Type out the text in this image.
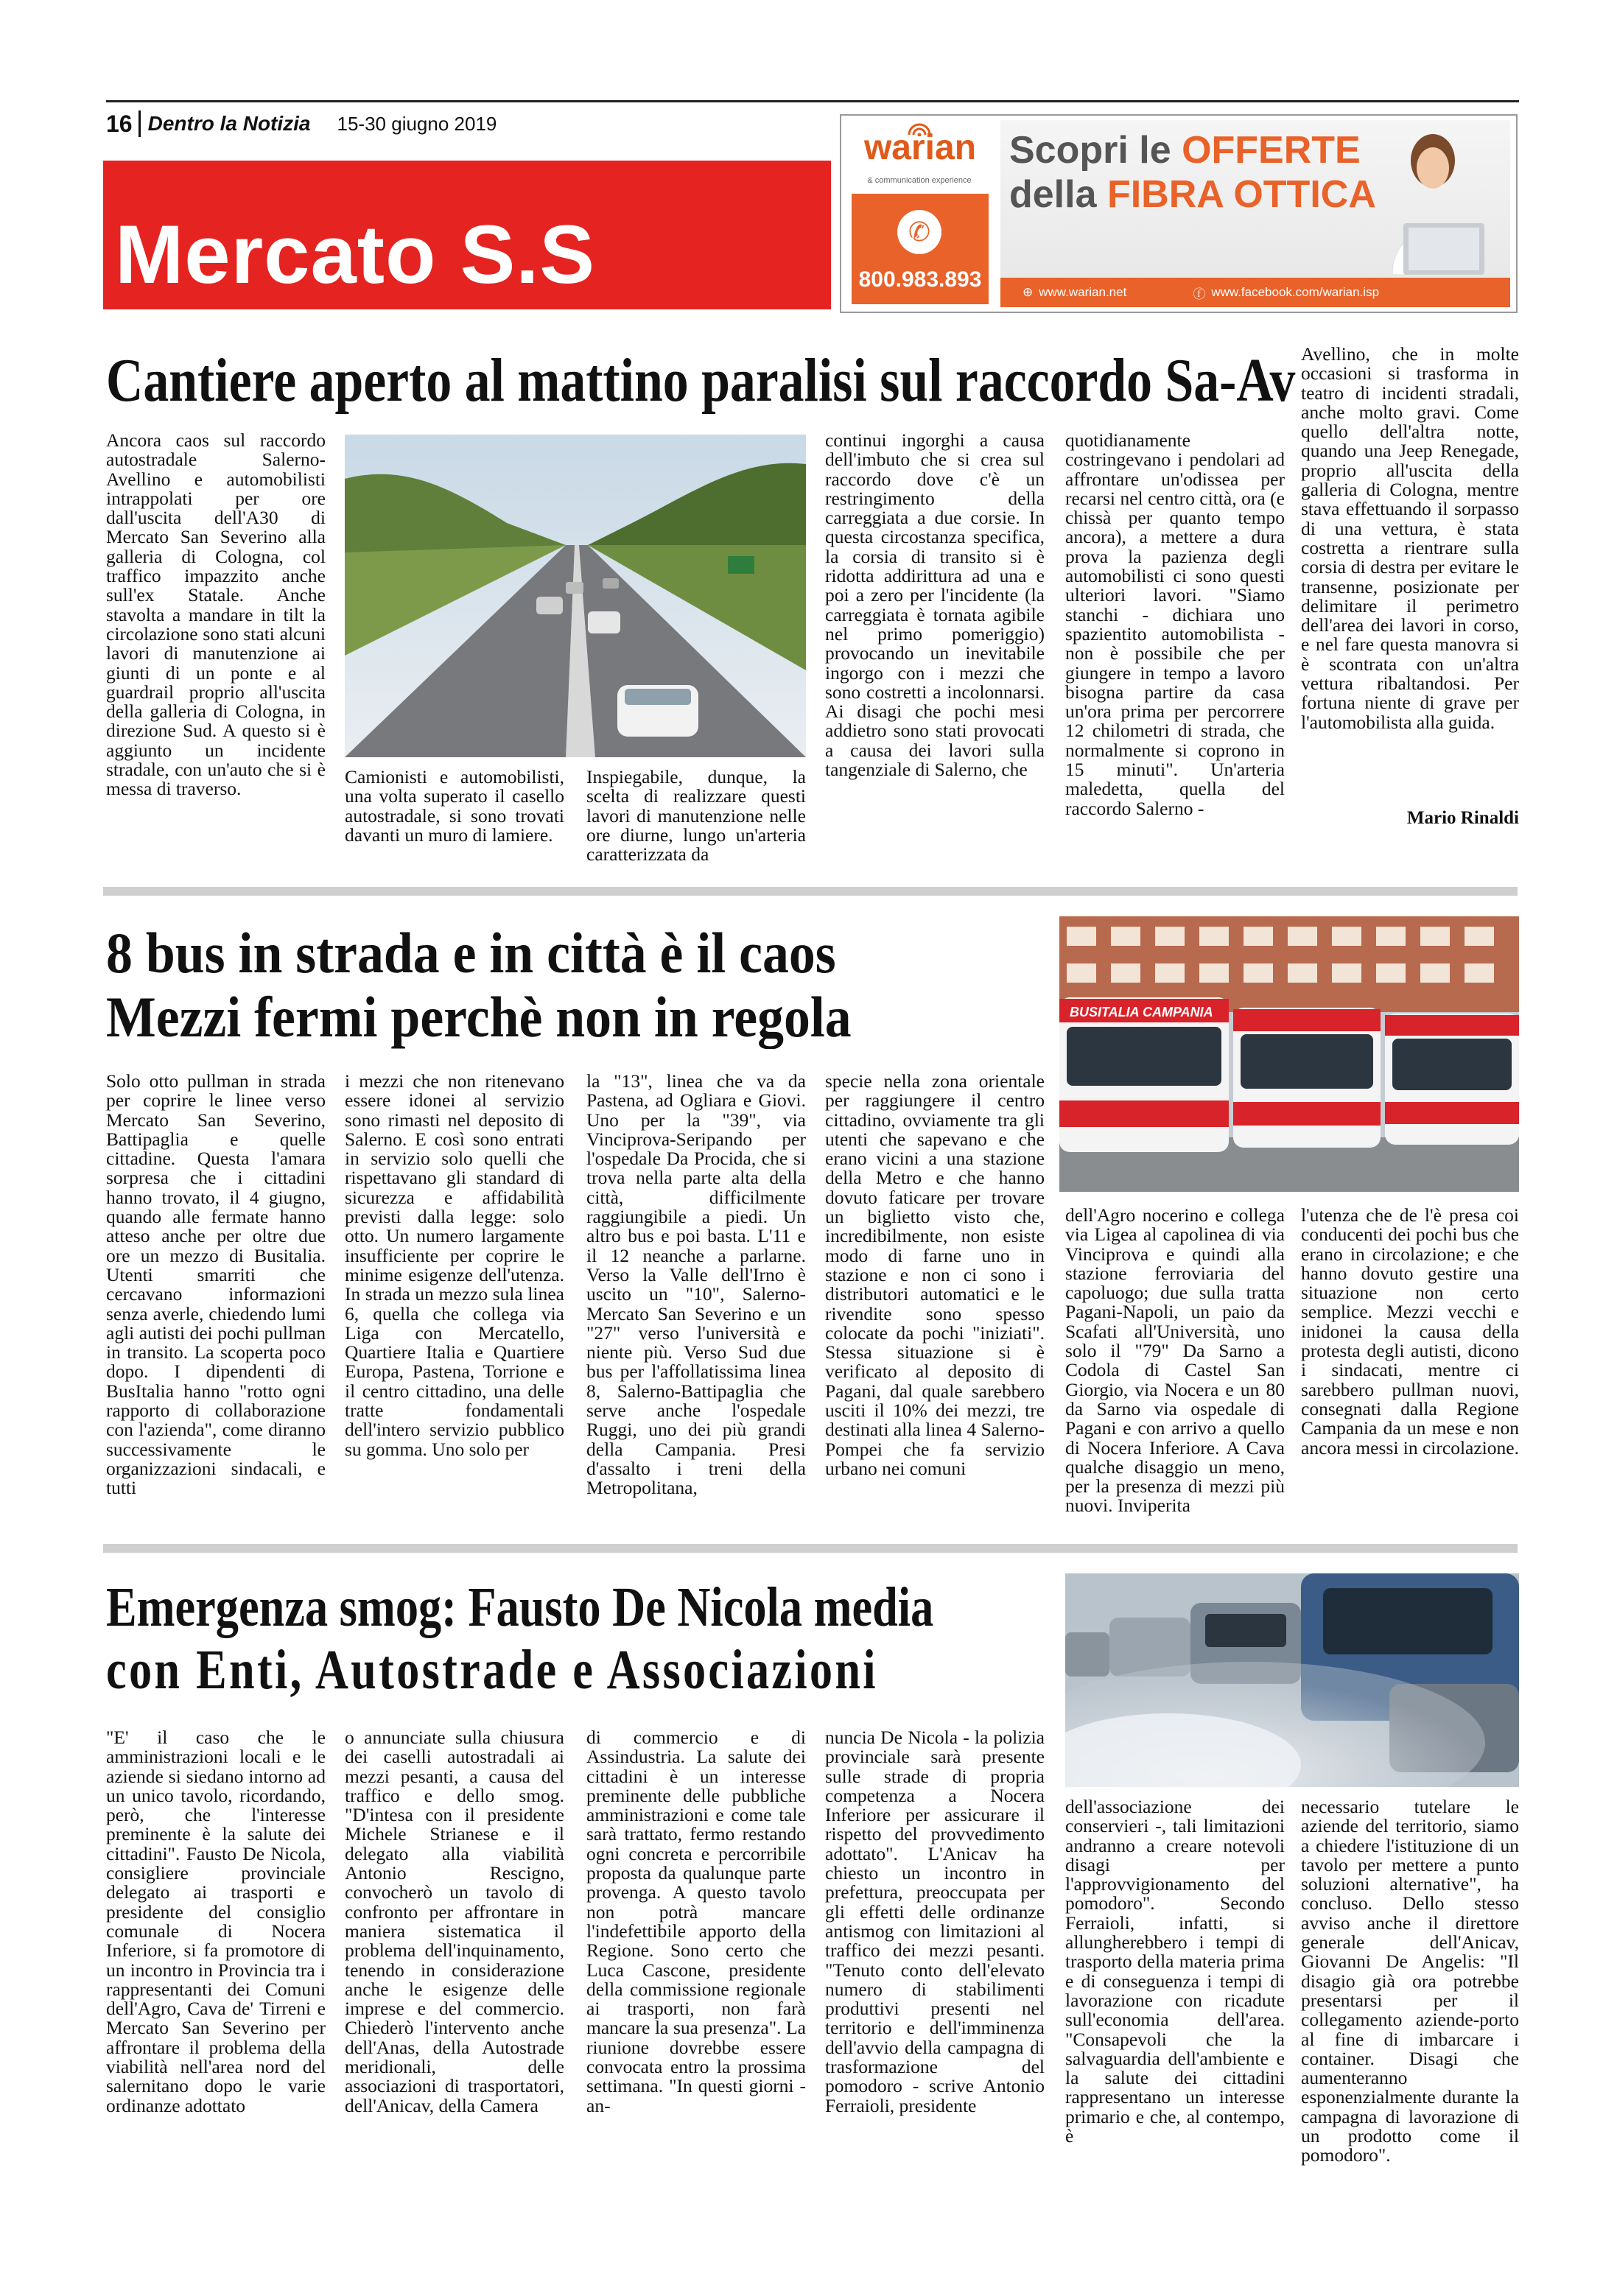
16 Dentro la Notizia 15-30 giugno 2019
Mercato S.S
warian
& communication experience
✆
800.983.893
Scopri le OFFERTE
della FIBRA OTTICA
⊕ www.warian.net	ⓕ www.facebook.com/warian.isp
Cantiere aperto al mattino paralisi sul raccordo Sa-Av
Ancora caos sul raccordo autostradale Salerno-Avellino e automobilisti intrappolati per ore dall'uscita dell'A30 di Mercato San Severino alla galleria di Cologna, col traffico impazzito anche sull'ex Statale. Anche stavolta a mandare in tilt la circolazione sono stati alcuni lavori di manutenzione ai giunti di un ponte e al guardrail proprio all'uscita della galleria di Cologna, in direzione Sud. A questo si è aggiunto un incidente stradale, con un'auto che si è messa di traverso.
Camionisti e automobilisti, una volta superato il casello autostradale, si sono trovati davanti un muro di lamiere.
Inspiegabile, dunque, la scelta di realizzare questi lavori di manutenzione nelle ore diurne, lungo un'arteria caratterizzata da
continui ingorghi a causa dell'imbuto che si crea sul raccordo dove c'è un restringimento della carreggiata a due corsie. In questa circostanza specifica, la corsia di transito si è ridotta addirittura ad una e poi a zero per l'incidente (la carreggiata è tornata agibile nel primo pomeriggio) provocando un inevitabile ingorgo con i mezzi che sono costretti a incolonnarsi. Ai disagi che pochi mesi addietro sono stati provocati a causa dei lavori sulla tangenziale di Salerno, che
quotidianamente costringevano i pendolari ad affrontare un'odissea per recarsi nel centro città, ora (e chissà per quanto tempo ancora), a mettere a dura prova la pazienza degli automobilisti ci sono questi ulteriori lavori. "Siamo stanchi - dichiara uno spazientito automobilista - non è possibile che per giungere in tempo a lavoro bisogna partire da casa un'ora prima per percorrere 12 chilometri di strada, che normalmente si coprono in 15 minuti". Un'arteria maledetta, quella del raccordo Salerno -
Avellino, che in molte occasioni si trasforma in teatro di incidenti stradali, anche molto gravi. Come quello dell'altra notte, quando una Jeep Renegade, proprio all'uscita della galleria di Cologna, mentre stava effettuando il sorpasso di una vettura, è stata costretta a rientrare sulla corsia di destra per evitare le transenne, posizionate per delimitare il perimetro dell'area dei lavori in corso, e nel fare questa manovra si è scontrata con un'altra vettura ribaltandosi. Per fortuna niente di grave per l'automobilista alla guida.
Mario Rinaldi
8 bus in strada e in città è il caos
Mezzi fermi perchè non in regola	BUSITALIA CAMPANIA
Solo otto pullman in strada per coprire le linee verso Mercato San Severino, Battipaglia e quelle cittadine. Questa l'amara sorpresa che i cittadini hanno trovato, il 4 giugno, quando alle fermate hanno atteso anche per oltre due ore un mezzo di Busitalia. Utenti smarriti che cercavano informazioni senza averle, chiedendo lumi agli autisti dei pochi pullman in transito. La scoperta poco dopo. I dipendenti di BusItalia hanno "rotto ogni rapporto di collaborazione con l'azienda", come diranno successivamente le organizzazioni sindacali, e tutti
i mezzi che non ritenevano essere idonei al servizio sono rimasti nel deposito di Salerno. E così sono entrati in servizio solo quelli che rispettavano gli standard di sicurezza e affidabilità previsti dalla legge: solo otto. Un numero largamente insufficiente per coprire le minime esigenze dell'utenza. In strada un mezzo sula linea 6, quella che collega via Liga con Mercatello, Quartiere Italia e Quartiere Europa, Pastena, Torrione e il centro cittadino, una delle tratte fondamentali dell'intero servizio pubblico su gomma. Uno solo per
la "13", linea che va da Pastena, ad Ogliara e Giovi. Uno per la "39", via Vinciprova-Seripando per l'ospedale Da Procida, che si trova nella parte alta della città, difficilmente raggiungibile a piedi. Un altro bus e poi basta. L'11 e il 12 neanche a parlarne. Verso la Valle dell'Irno è uscito un "10", Salerno-Mercato San Severino e un "27" verso l'università e niente più. Verso Sud due bus per l'affollatissima linea 8, Salerno-Battipaglia che serve anche l'ospedale Ruggi, uno dei più grandi della Campania. Presi d'assalto i treni della Metropolitana,
specie nella zona orientale per raggiungere il centro cittadino, ovviamente tra gli utenti che sapevano e che erano vicini a una stazione della Metro e che hanno dovuto faticare per trovare un biglietto visto che, incredibilmente, non esiste modo di farne uno in stazione e non ci sono i distributori automatici e le rivendite sono spesso colocate da pochi "iniziati". Stessa situazione si è verificato al deposito di Pagani, dal quale sarebbero usciti il 10% dei mezzi, tre destinati alla linea 4 Salerno-Pompei che fa servizio urbano nei comuni
dell'Agro nocerino e collega via Ligea al capolinea di via Vinciprova e quindi alla stazione ferroviaria del capoluogo; due sulla tratta Pagani-Napoli, un paio da Scafati all'Università, uno solo il "79" Da Sarno a Codola di Castel San Giorgio, via Nocera e un 80 da Sarno via ospedale di Pagani e con arrivo a quello di Nocera Inferiore. A Cava qualche disaggio un meno, per la presenza di mezzi più nuovi. Invіperita
l'utenza che de l'è presa coi conducenti dei pochi bus che erano in circolazione; e che hanno dovuto gestire una situazione non certo semplice. Mezzi vecchi e inidonei la causa della protesta degli autisti, dicono i sindacati, mentre ci sarebbero pullman nuovi, consegnati dalla Regione Campania da un mese e non ancora messi in circolazione.
Emergenza smog: Fausto De Nicola media
con Enti, Autostrade e Associazioni
"E' il caso che le amministrazioni locali e le aziende si siedano intorno ad un unico tavolo, ricordando, però, che l'interesse preminente è la salute dei cittadini". Fausto De Nicola, consigliere provinciale delegato ai trasporti e presidente del consiglio comunale di Nocera Inferiore, si fa promotore di un incontro in Provincia tra i rappresentanti dei Comuni dell'Agro, Cava de' Tirreni e Mercato San Severino per affrontare il problema della viabilità nell'area nord del salernitano dopo le varie ordinanze adottato
o annunciate sulla chiusura dei caselli autostradali ai mezzi pesanti, a causa del traffico e dello smog. "D'intesa con il presidente Michele Strianese e il delegato alla viabilità Antonio Rescigno, convocherò un tavolo di confronto per affrontare in maniera sistematica il problema dell'inquinamento, tenendo in considerazione anche le esigenze delle imprese e del commercio. Chiederò l'intervento anche dell'Anas, della Autostrade meridionali, delle associazioni di trasportatori, dell'Anicav, della Camera
di commercio e di Assindustria. La salute dei cittadini è un interesse preminente delle pubbliche amministrazioni e come tale sarà trattato, fermo restando ogni concreta e percorribile proposta da qualunque parte provenga. A questo tavolo non potrà mancare l'indefettibile apporto della Regione. Sono certo che Luca Cascone, presidente della commissione regionale ai trasporti, non farà mancare la sua presenza". La riunione dovrebbe essere convocata entro la prossima settimana. "In questi giorni - an-
nuncia De Nicola - la polizia provinciale sarà presente sulle strade di propria competenza a Nocera Inferiore per assicurare il rispetto del provvedimento adottato". L'Anicav ha chiesto un incontro in prefettura, preoccupata per gli effetti delle ordinanze antismog con limitazioni al traffico dei mezzi pesanti. "Tenuto conto dell'elevato numero di stabilimenti produttivi presenti nel territorio e dell'imminenza dell'avvio della campagna di trasformazione del pomodoro - scrive Antonio Ferraioli, presidente
dell'associazione dei conservieri -, tali limitazioni andranno a creare notevoli disagi per l'approvvigionamento del pomodoro". Secondo Ferraioli, infatti, si allungherebbero i tempi di trasporto della materia prima e di conseguenza i tempi di lavorazione con ricadute sull'economia dell'area. "Consapevoli che la salvaguardia dell'ambiente e la salute dei cittadini rappresentano un interesse primario e che, al contempo, è
necessario tutelare le aziende del territorio, siamo a chiedere l'istituzione di un tavolo per mettere a punto soluzioni alternative", ha concluso. Dello stesso avviso anche il direttore generale dell'Anicav, Giovanni De Angelis: "Il disagio già ora potrebbe presentarsi per il collegamento aziende-porto al fine di imbarcare i container. Disagi che aumenteranno esponenzialmente durante la campagna di lavorazione di un prodotto come il pomodoro".
